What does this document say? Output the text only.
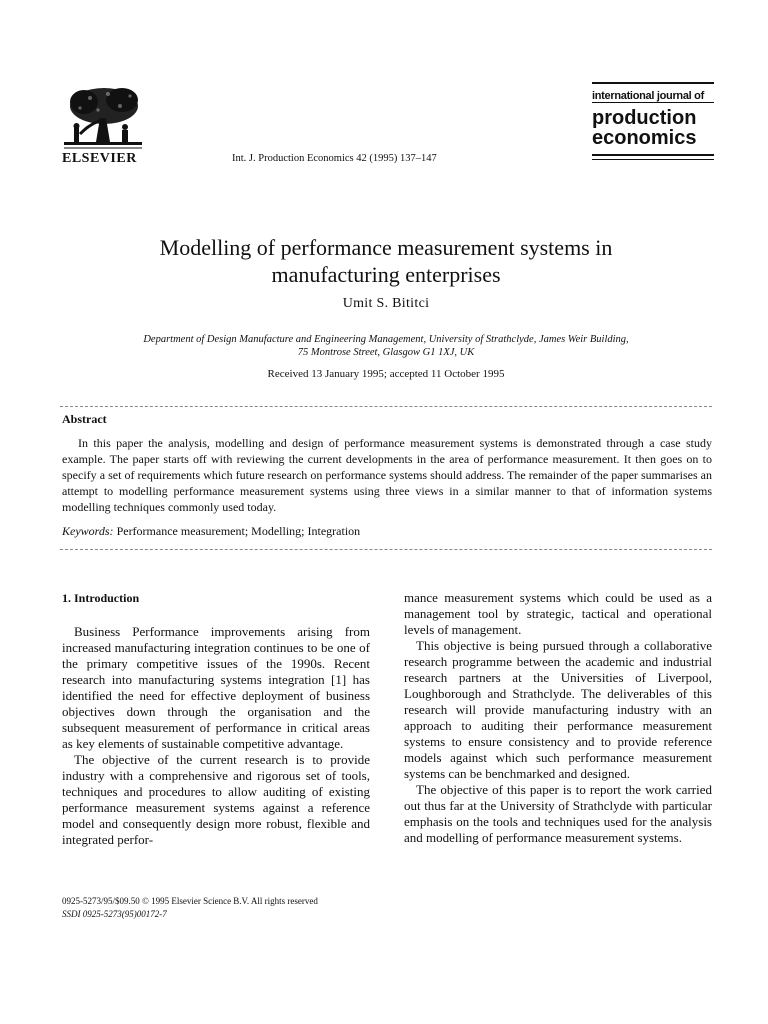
ELSEVIER	Int. J. Production Economics 42 (1995) 137–147
international journal of
production
economics
Modelling of performance measurement systems in
manufacturing enterprises
Umit S. Bititci
Department of Design Manufacture and Engineering Management, University of Strathclyde, James Weir Building,
75 Montrose Street, Glasgow G1 1XJ, UK
Received 13 January 1995; accepted 11 October 1995
Abstract
In this paper the analysis, modelling and design of performance measurement systems is demonstrated through a case study example. The paper starts off with reviewing the current developments in the area of performance measurement. It then goes on to specify a set of requirements which future research on performance systems should address. The remainder of the paper summarises an attempt to modelling performance measurement systems using three views in a similar manner to that of information systems modelling techniques commonly used today.
Keywords: Performance measurement; Modelling; Integration
1. Introduction

Business Performance improvements arising from increased manufacturing integration continues to be one of the primary competitive issues of the 1990s. Recent research into manufacturing systems integration [1] has identified the need for effective deployment of business objectives down through the organisation and the subsequent measurement of performance in critical areas as key elements of sustainable competitive advantage.

The objective of the current research is to provide industry with a comprehensive and rigorous set of tools, techniques and procedures to allow auditing of existing performance measurement systems against a reference model and consequently design more robust, flexible and integrated perfor-

mance measurement systems which could be used as a management tool by strategic, tactical and operational levels of management.

This objective is being pursued through a collaborative research programme between the academic and industrial research partners at the Universities of Liverpool, Loughborough and Strathclyde. The deliverables of this research will provide manufacturing industry with an approach to auditing their performance measurement systems to ensure consistency and to provide reference models against which such performance measurement systems can be benchmarked and designed.

The objective of this paper is to report the work carried out thus far at the University of Strathclyde with particular emphasis on the tools and techniques used for the analysis and modelling of performance measurement systems.

0925-5273/95/$09.50 © 1995 Elsevier Science B.V. All rights reserved
SSDI 0925-5273(95)00172-7
